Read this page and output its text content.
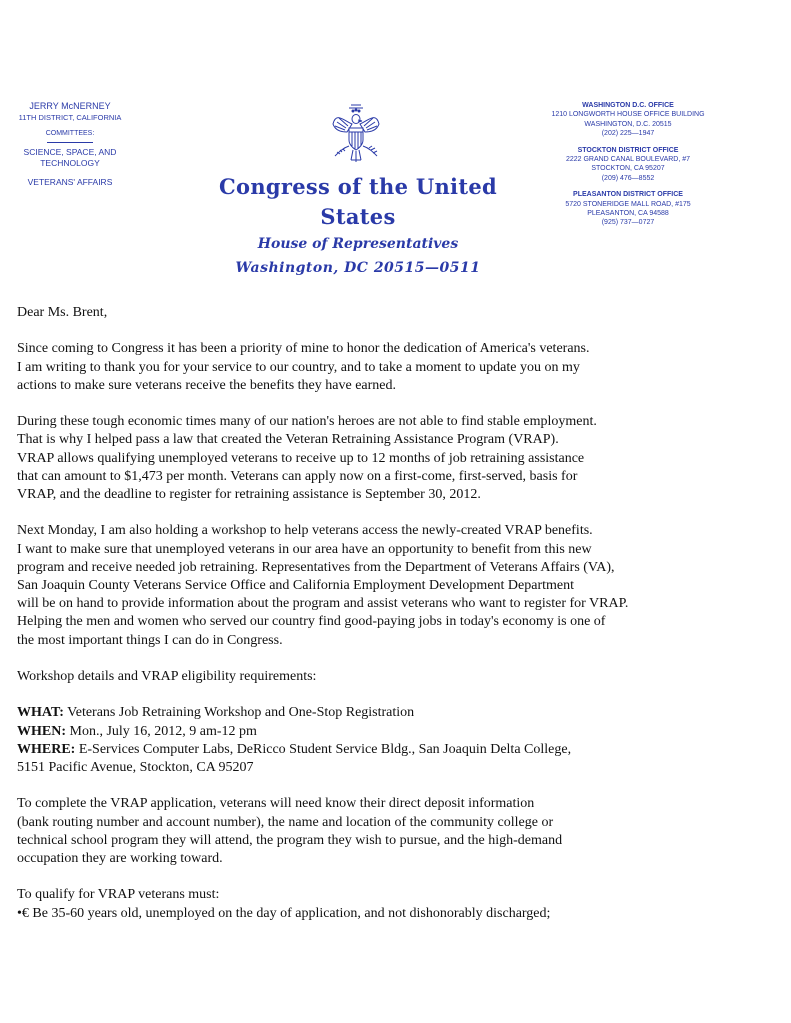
JERRY McNERNEY
11TH DISTRICT, CALIFORNIA
COMMITTEES:
SCIENCE, SPACE, AND
TECHNOLOGY
VETERANS' AFFAIRS	Congress of the United States
House of Representatives
Washington, DC 20515—0511
WASHINGTON D.C. OFFICE
1210 LONGWORTH HOUSE OFFICE BUILDING
WASHINGTON, D.C. 20515
(202) 225—1947
STOCKTON DISTRICT OFFICE
2222 GRAND CANAL BOULEVARD, #7
STOCKTON, CA 95207
(209) 476—8552
PLEASANTON DISTRICT OFFICE
5720 STONERIDGE MALL ROAD, #175
PLEASANTON, CA 94588
(925) 737—0727

Dear Ms. Brent,

Since coming to Congress it has been a priority of mine to honor the dedication of America's veterans.
I am writing to thank you for your service to our country, and to take a moment to update you on my
actions to make sure veterans receive the benefits they have earned.

During these tough economic times many of our nation's heroes are not able to find stable employment.
That is why I helped pass a law that created the Veteran Retraining Assistance Program (VRAP).
VRAP allows qualifying unemployed veterans to receive up to 12 months of job retraining assistance
that can amount to $1,473 per month. Veterans can apply now on a first-come, first-served, basis for
VRAP, and the deadline to register for retraining assistance is September 30, 2012.

Next Monday, I am also holding a workshop to help veterans access the newly-created VRAP benefits.
I want to make sure that unemployed veterans in our area have an opportunity to benefit from this new
program and receive needed job retraining. Representatives from the Department of Veterans Affairs (VA),
San Joaquin County Veterans Service Office and California Employment Development Department
will be on hand to provide information about the program and assist veterans who want to register for VRAP.
Helping the men and women who served our country find good-paying jobs in today's economy is one of
the most important things I can do in Congress.

Workshop details and VRAP eligibility requirements:

WHAT: Veterans Job Retraining Workshop and One-Stop Registration
WHEN: Mon., July 16, 2012, 9 am-12 pm
WHERE: E-Services Computer Labs, DeRicco Student Service Bldg., San Joaquin Delta College,
5151 Pacific Avenue, Stockton, CA 95207

To complete the VRAP application, veterans will need know their direct deposit information
(bank routing number and account number), the name and location of the community college or
technical school program they will attend, the program they wish to pursue, and the high-demand
occupation they are working toward.

To qualify for VRAP veterans must:
•€ Be 35-60 years old, unemployed on the day of application, and not dishonorably discharged;
